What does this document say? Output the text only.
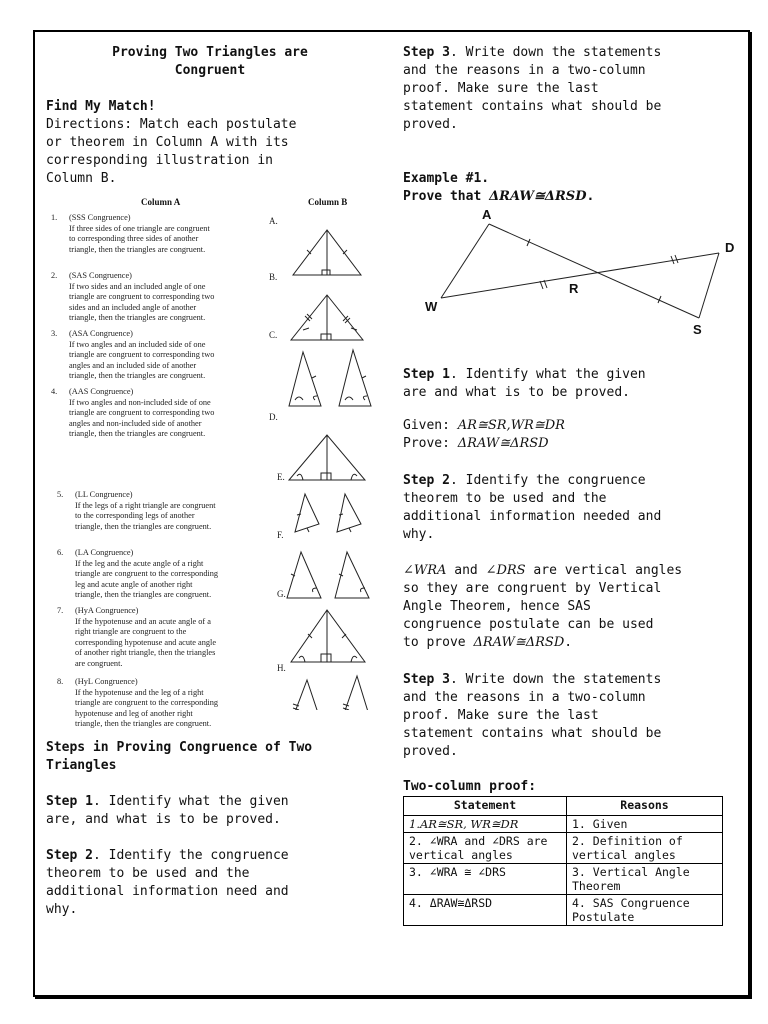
Proving Two Triangles are
Congruent
Find My Match!
Directions: Match each postulate
or theorem in Column A with its
corresponding illustration in
Column B.
Column A	Column B
1. (SSS Congruence)
If three sides of one triangle are congruent
to corresponding three sides of another
triangle, then the triangles are congruent.
2. (SAS Congruence)
If two sides and an included angle of one
triangle are congruent to corresponding two
sides and an included angle of another
triangle, then the triangles are congruent.
3. (ASA Congruence)
If two angles and an included side of one
triangle are congruent to corresponding two
angles and an included side of another
triangle, then the triangles are congruent.
4. (AAS Congruence)
If two angles and non-included side of one
triangle are congruent to corresponding two
angles and non-included side of another
triangle, then the triangles are congruent.
5. (LL Congruence)
If the legs of a right triangle are congruent
to the corresponding legs of another
triangle, then the triangles are congruent.
6. (LA Congruence)
If the leg and the acute angle of a right
triangle are congruent to the corresponding
leg and acute angle of another right
triangle, then the triangles are congruent.
7. (HyA Congruence)
If the hypotenuse and an acute angle of a
right triangle are congruent to the
corresponding hypotenuse and acute angle
of another right triangle, then the triangles
are congruent.
8. (HyL Congruence)
If the hypotenuse and the leg of a right
triangle are congruent to the corresponding
hypotenuse and leg of another right
triangle, then the triangles are congruent.
A.
B.
C.
D.
E.
F.
G.
H.
Steps in Proving Congruence of Two
Triangles
Step 1. Identify what the given
are, and what is to be proved.
Step 2. Identify the congruence
theorem to be used and the
additional information need and
why.
Step 3. Write down the statements
and the reasons in a two-column
proof. Make sure the last
statement contains what should be
proved.
Example #1.
Prove that ΔRAW≅ΔRSD.
A
D
W
R
S
Step 1. Identify what the given
are and what is to be proved.
Given: AR≅SR,WR≅DR
Prove: ΔRAW≅ΔRSD
Step 2. Identify the congruence
theorem to be used and the
additional information needed and
why.
∠WRA and ∠DRS are vertical angles
so they are congruent by Vertical
Angle Theorem, hence SAS
congruence postulate can be used
to prove ΔRAW≅ΔRSD.
Step 3. Write down the statements
and the reasons in a two-column
proof. Make sure the last
statement contains what should be
proved.
Two-column proof:
Statement	Reasons
1.AR≅SR, WR≅DR	1. Given
2. ∠WRA and ∠DRS are vertical angles	2. Definition of vertical angles
3. ∠WRA ≅ ∠DRS	3. Vertical Angle Theorem
4. ΔRAW≅ΔRSD	4. SAS Congruence Postulate
